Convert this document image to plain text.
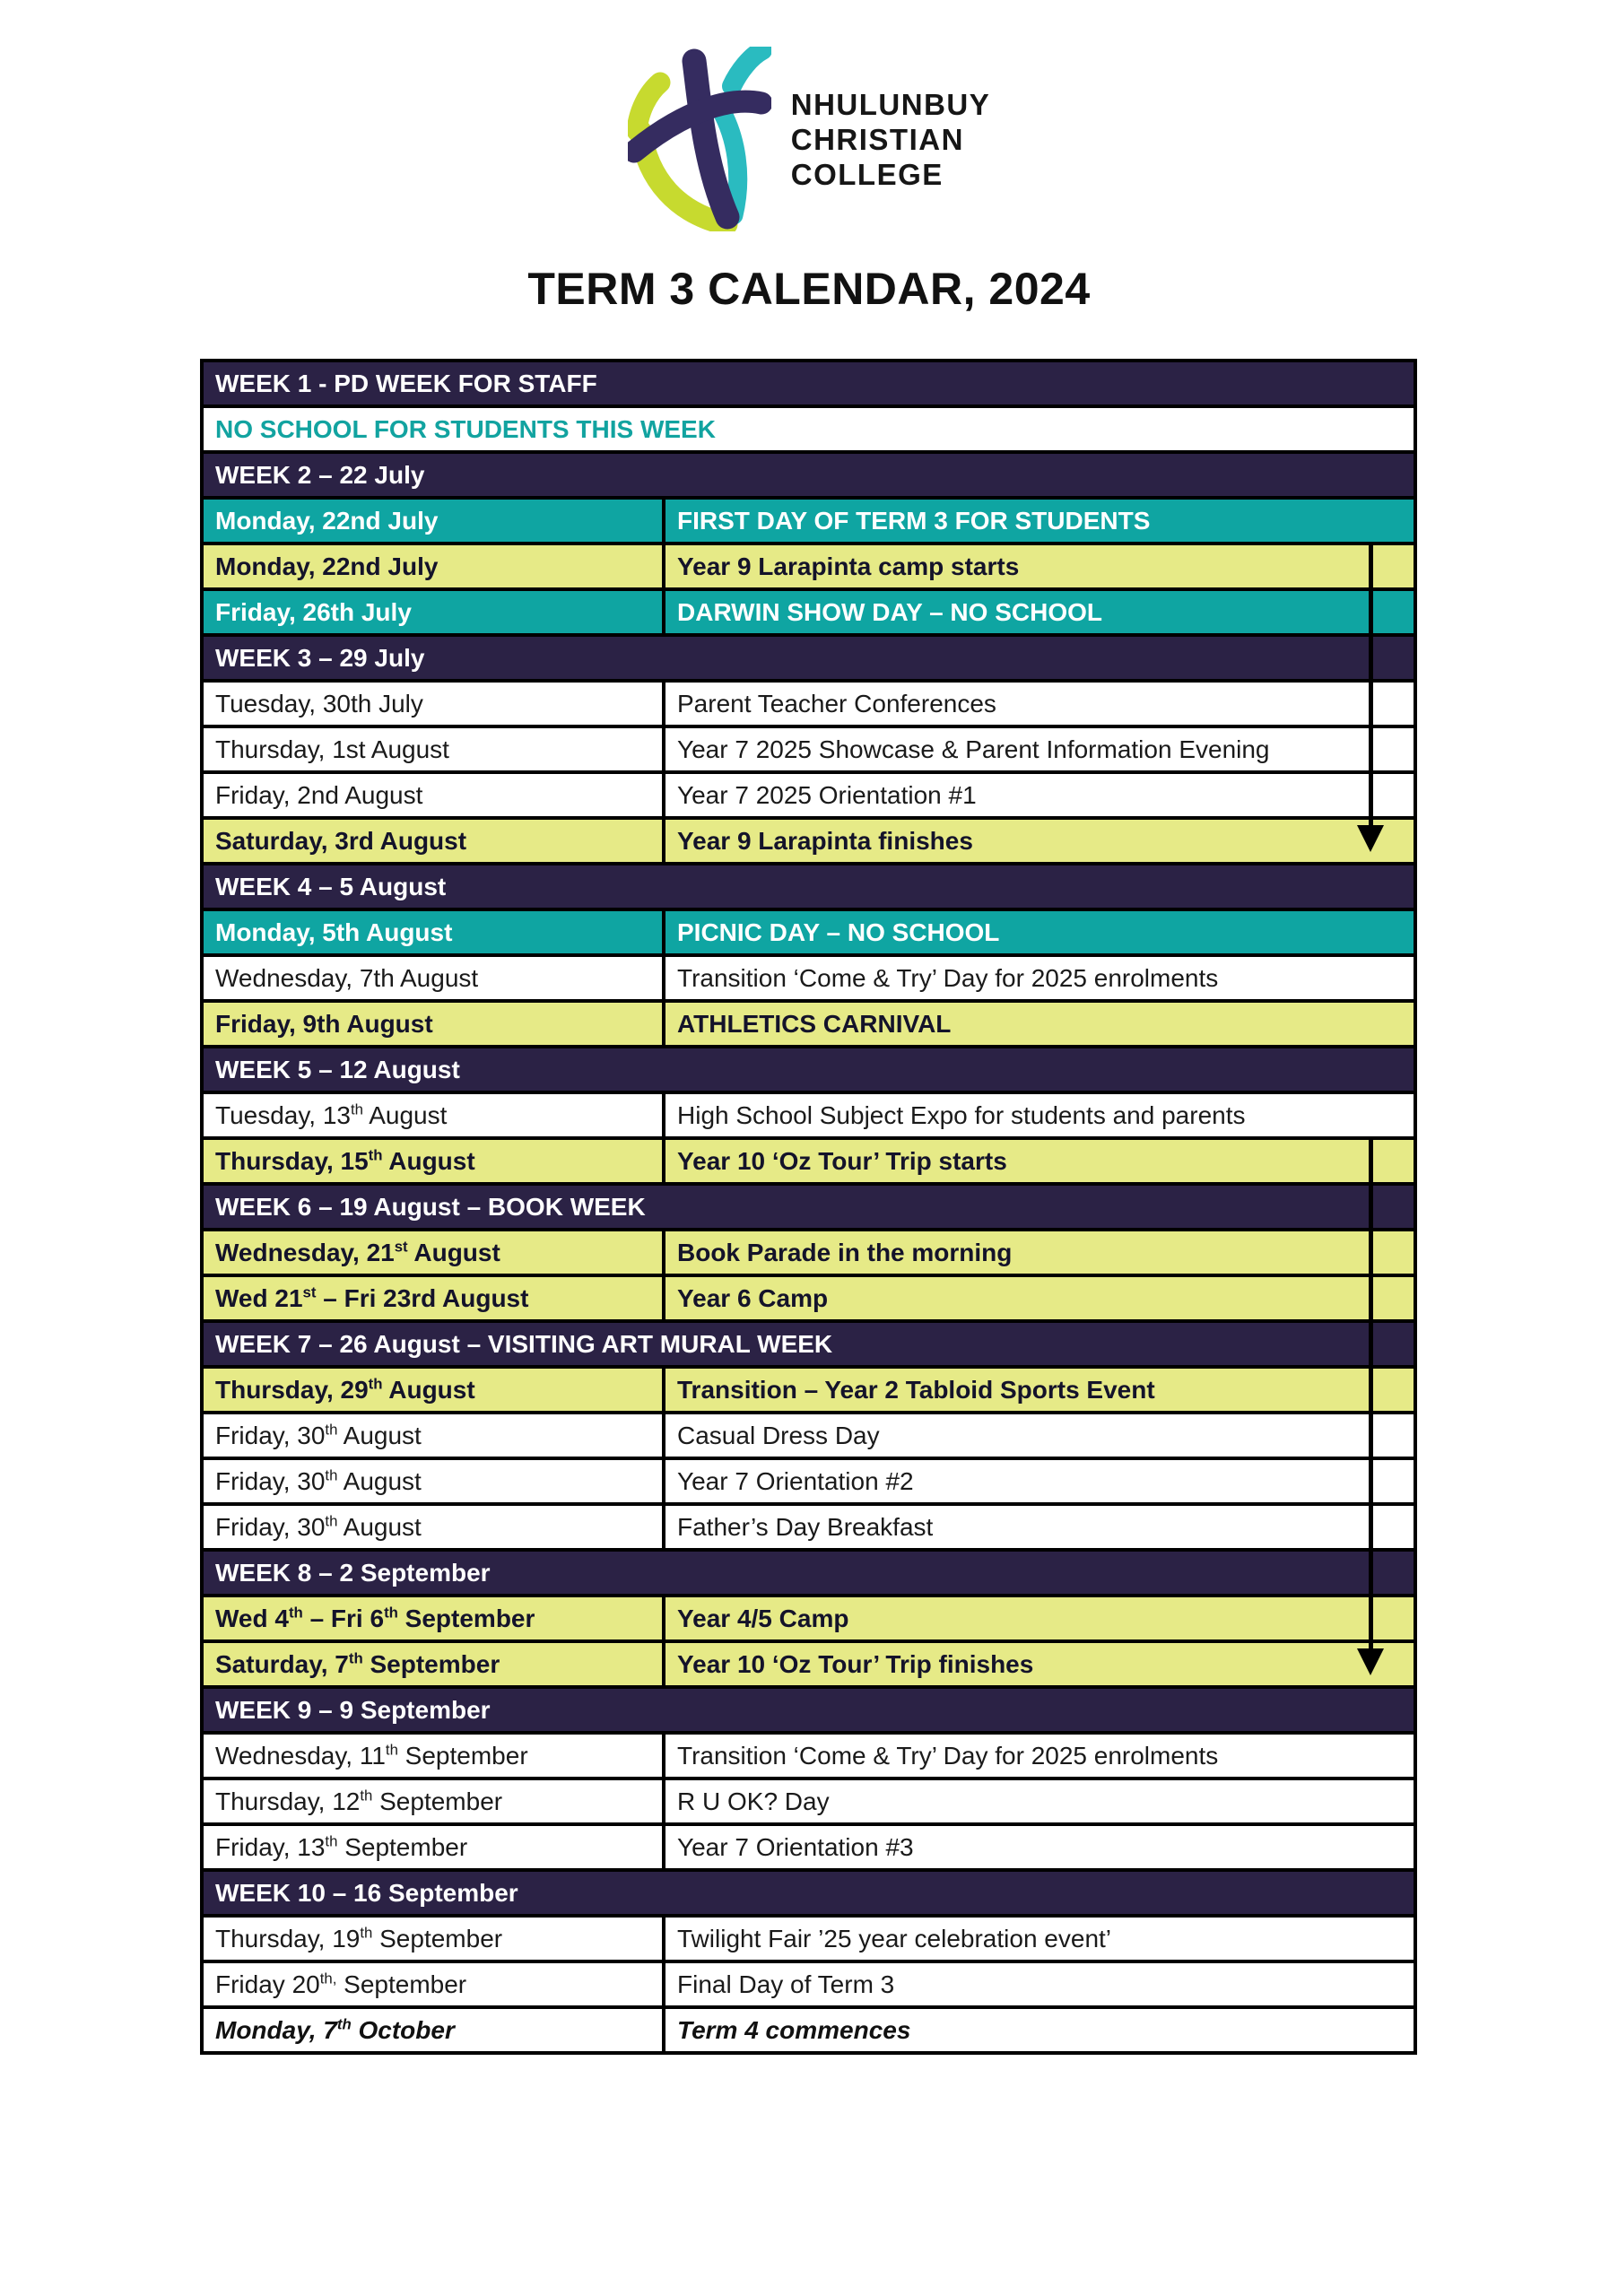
NHULUNBUY
CHRISTIAN
COLLEGE
TERM 3 CALENDAR, 2024
WEEK 1 - PD WEEK FOR STAFF	
NO SCHOOL FOR STUDENTS THIS WEEK	
WEEK 2 – 22 July	
Monday, 22nd July	FIRST DAY OF TERM 3 FOR STUDENTS
Monday, 22nd July	Year 9 Larapinta camp starts
Friday, 26th July	DARWIN SHOW DAY – NO SCHOOL
WEEK 3 – 29 July	
Tuesday, 30th July	Parent Teacher Conferences
Thursday, 1st August	Year 7 2025 Showcase & Parent Information Evening
Friday, 2nd August	Year 7 2025 Orientation #1
Saturday, 3rd August	Year 9 Larapinta finishes
WEEK 4 – 5 August	
Monday, 5th August	PICNIC DAY – NO SCHOOL
Wednesday, 7th August	Transition ‘Come & Try’ Day for 2025 enrolments
Friday, 9th August	ATHLETICS CARNIVAL
WEEK 5 – 12 August	
Tuesday, 13th August	High School Subject Expo for students and parents
Thursday, 15th August	Year 10 ‘Oz Tour’ Trip starts
WEEK 6 – 19 August – BOOK WEEK	
Wednesday, 21st August	Book Parade in the morning
Wed 21st – Fri 23rd August	Year 6 Camp
WEEK 7 – 26 August – VISITING ART MURAL WEEK	
Thursday, 29th August	Transition – Year 2 Tabloid Sports Event
Friday, 30th August	Casual Dress Day
Friday, 30th August	Year 7 Orientation #2
Friday, 30th August	Father’s Day Breakfast
WEEK 8 – 2 September	
Wed 4th – Fri 6th September	Year 4/5 Camp
Saturday, 7th September	Year 10 ‘Oz Tour’ Trip finishes
WEEK 9 – 9 September	
Wednesday, 11th September	Transition ‘Come & Try’ Day for 2025 enrolments
Thursday, 12th September	R U OK? Day
Friday, 13th September	Year 7 Orientation #3
WEEK 10 – 16 September	
Thursday, 19th September	Twilight Fair ’25 year celebration event’
Friday $20^{th,}$ September	Final Day of Term 3
Monday, 7th October	Term 4 commences
